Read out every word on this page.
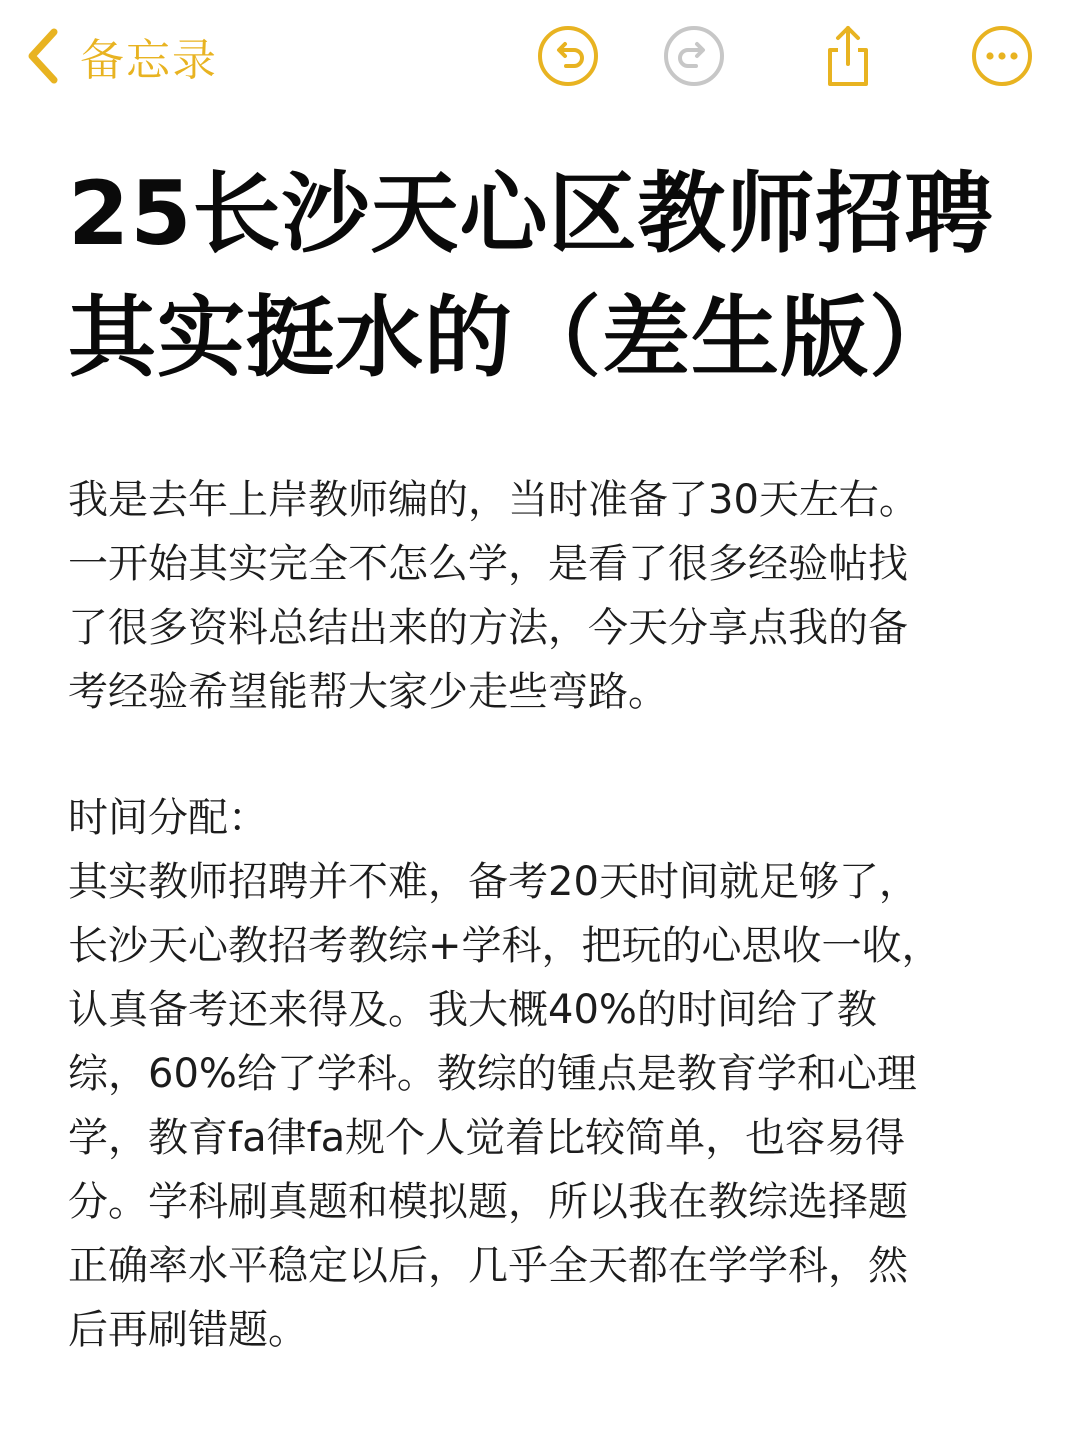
备忘录
25长沙天心区教师招聘
其实挺水的（差生版）
我是去年上岸教师编的，当时准备了30天左右。
一开始其实完全不怎么学，是看了很多经验帖找
了很多资料总结出来的方法，今天分享点我的备
考经验希望能帮大家少走些弯路。
时间分配：
其实教师招聘并不难，备考20天时间就足够了，
长沙天心教招考教综+学科，把玩的心思收一收，
认真备考还来得及。我大概40%的时间给了教
综，60%给了学科。教综的锺点是教育学和心理
学，教育fa律fa规个人觉着比较简单，也容易得
分。学科刷真题和模拟题，所以我在教综选择题
正确率水平稳定以后，几乎全天都在学学科，然
后再刷错题。
